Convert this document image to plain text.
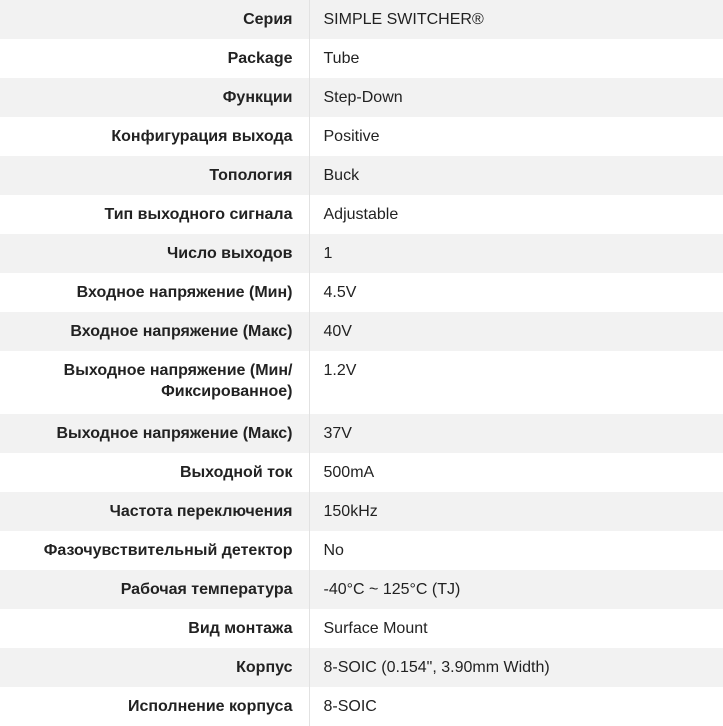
Серия	SIMPLE SWITCHER®
Package	Tube
Функции	Step-Down
Конфигурация выхода	Positive
Топология	Buck
Тип выходного сигнала	Adjustable
Число выходов	1
Входное напряжение (Мин)	4.5V
Входное напряжение (Макс)	40V
Выходное напряжение (Мин/ Фиксированное)	1.2V
Выходное напряжение (Макс)	37V
Выходной ток	500mA
Частота переключения	150kHz
Фазочувствительный детектор	No
Рабочая температура	-40°C ~ 125°C (TJ)
Вид монтажа	Surface Mount
Корпус	8-SOIC (0.154", 3.90mm Width)
Исполнение корпуса	8-SOIC
